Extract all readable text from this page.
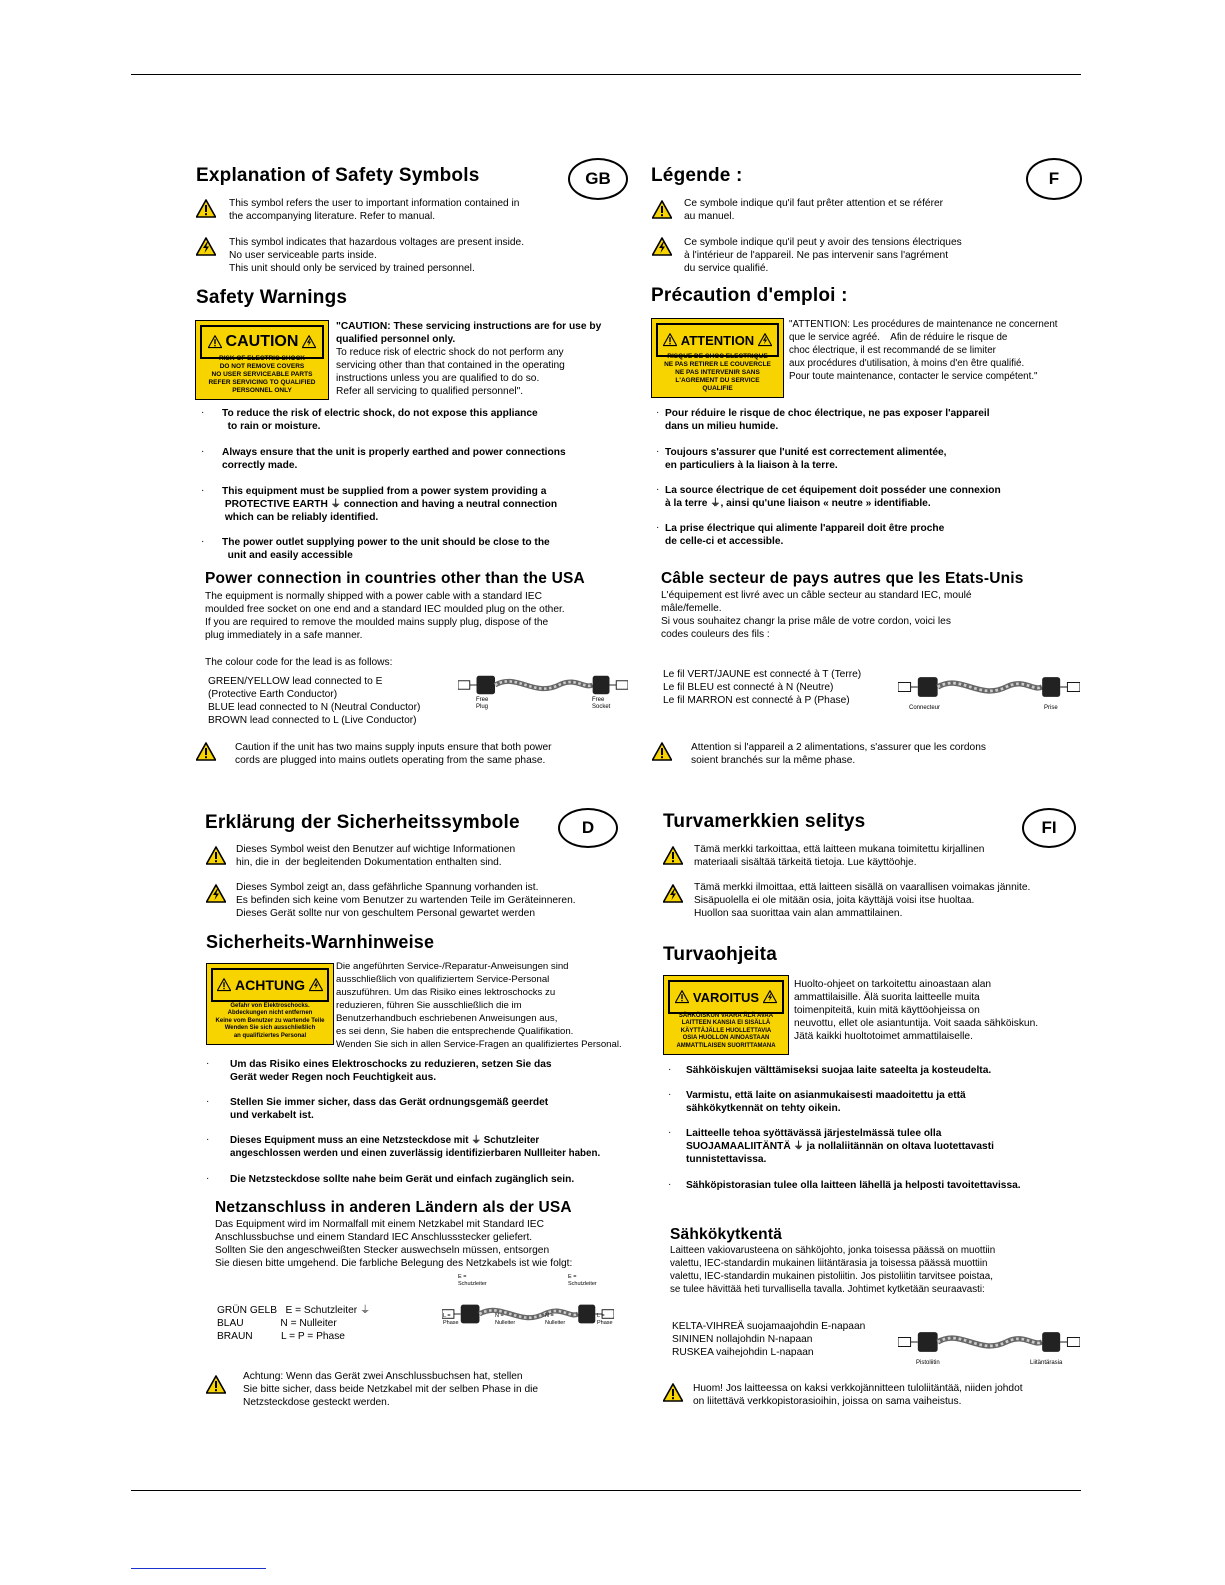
Explanation of Safety Symbols	GB
This symbol refers the user to important information contained in
the accompanying literature. Refer to manual.
This symbol indicates that hazardous voltages are present inside.
No user serviceable parts inside.
This unit should only be serviced by trained personnel.
Safety Warnings
CAUTION
RISK OF ELECTRIC SHOCK
DO NOT REMOVE COVERS
NO USER SERVICEABLE PARTS
REFER SERVICING TO QUALIFIED
PERSONNEL ONLY
"CAUTION: These servicing instructions are for use by
qualified personnel only.
To reduce risk of electric shock do not perform any
servicing other than that contained in the operating
instructions unless you are qualified to do so.
Refer all servicing to qualified personnel".
· To reduce the risk of electric shock, do not expose this appliance
to rain or moisture.
· Always ensure that the unit is properly earthed and power connections
correctly made.
· This equipment must be supplied from a power system providing a
PROTECTIVE EARTH ⏚ connection and having a neutral connection
which can be reliably identified.
· The power outlet supplying power to the unit should be close to the
unit and easily accessible
Power connection in countries other than the USA
The equipment is normally shipped with a power cable with a standard IEC
moulded free socket on one end and a standard IEC moulded plug on the other.
If you are required to remove the moulded mains supply plug, dispose of the
plug immediately in a safe manner.
The colour code for the lead is as follows:
GREEN/YELLOW lead connected to E
(Protective Earth Conductor)
BLUE lead connected to N (Neutral Conductor)
BROWN lead connected to L (Live Conductor)
Free
Plug
Free
Socket
Caution if the unit has two mains supply inputs ensure that both power
cords are plugged into mains outlets operating from the same phase.
Légende :	F
Ce symbole indique qu'il faut prêter attention et se référer
au manuel.
Ce symbole indique qu'il peut y avoir des tensions électriques
à l'intérieur de l'appareil. Ne pas intervenir sans l'agrément
du service qualifié.
Précaution d'emploi :
ATTENTION
RISQUE DE CHOC ELECTRIQUE
NE PAS RETIRER LE COUVERCLE
NE PAS INTERVENIR SANS
L'AGREMENT DU SERVICE
QUALIFIE
"ATTENTION: Les procédures de maintenance ne concernent
que le service agréé.    Afin de réduire le risque de
choc électrique, il est recommandé de se limiter
aux procédures d'utilisation, à moins d'en être qualifié.
Pour toute maintenance, contacter le service compétent."
· Pour réduire le risque de choc électrique, ne pas exposer l'appareil
dans un milieu humide.
· Toujours s'assurer que l'unité est correctement alimentée,
en particuliers à la liaison à la terre.
· La source électrique de cet équipement doit posséder une connexion
à la terre ⏚, ainsi qu'une liaison « neutre » identifiable.
· La prise électrique qui alimente l'appareil doit être proche
de celle-ci et accessible.
Câble secteur de pays autres que les Etats-Unis
L'équipement est livré avec un câble secteur au standard IEC, moulé
mâle/femelle.
Si vous souhaitez changr la prise mâle de votre cordon, voici les
codes couleurs des fils :
Le fil VERT/JAUNE est connecté à T (Terre)
Le fil BLEU est connecté à N (Neutre)
Le fil MARRON est connecté à P (Phase)
Connecteur	Prise
Attention si l'appareil a 2 alimentations, s'assurer que les cordons
soient branchés sur la même phase.
Erklärung der Sicherheitssymbole	D
Dieses Symbol weist den Benutzer auf wichtige Informationen
hin, die in  der begleitenden Dokumentation enthalten sind.
Dieses Symbol zeigt an, dass gefährliche Spannung vorhanden ist.
Es befinden sich keine vom Benutzer zu wartenden Teile im Geräteinneren.
Dieses Gerät sollte nur von geschultem Personal gewartet werden
Sicherheits-Warnhinweise
ACHTUNG
Gefahr von Elektroschocks.
Abdeckungen nicht entfernen
Keine vom Benutzer zu wartende Teile
Wenden Sie sich ausschließlich
an qualifiziertes Personal
Die angeführten Service-/Reparatur-Anweisungen sind
ausschließlich von qualifiziertem Service-Personal
auszuführen. Um das Risiko eines lektroschocks zu
reduzieren, führen Sie ausschließlich die im
Benutzerhandbuch eschriebenen Anweisungen aus,
es sei denn, Sie haben die entsprechende Qualifikation.
Wenden Sie sich in allen Service-Fragen an qualifiziertes Personal.
· Um das Risiko eines Elektroschocks zu reduzieren, setzen Sie das
Gerät weder Regen noch Feuchtigkeit aus.
· Stellen Sie immer sicher, dass das Gerät ordnungsgemäß geerdet
und verkabelt ist.
· Dieses Equipment muss an eine Netzsteckdose mit ⏚ Schutzleiter
angeschlossen werden und einen zuverlässig identifizierbaren Nullleiter haben.
· Die Netzsteckdose sollte nahe beim Gerät und einfach zugänglich sein.
Netzanschluss in anderen Ländern als der USA
Das Equipment wird im Normalfall mit einem Netzkabel mit Standard IEC
Anschlussbuchse und einem Standard IEC Anschlussstecker geliefert.
Sollten Sie den angeschweißten Stecker auswechseln müssen, entsorgen
Sie diesen bitte umgehend. Die farbliche Belegung des Netzkabels ist wie folgt:
GRÜN GELB   E = Schutzleiter ⏚
BLAU             N = Nulleiter
BRAUN          L = P = Phase
E =
Schutzleiter
E =
Schutzleiter
L =
Phase
N =
Nulleiter
N =
Nulleiter
L =
Phase
Achtung: Wenn das Gerät zwei Anschlussbuchsen hat, stellen
Sie bitte sicher, dass beide Netzkabel mit der selben Phase in die
Netzsteckdose gesteckt werden.
Turvamerkkien selitys	FI
Tämä merkki tarkoittaa, että laitteen mukana toimitettu kirjallinen
materiaali sisältää tärkeitä tietoja. Lue käyttöohje.
Tämä merkki ilmoittaa, että laitteen sisällä on vaarallisen voimakas jännite.
Sisäpuolella ei ole mitään osia, joita käyttäjä voisi itse huoltaa.
Huollon saa suorittaa vain alan ammattilainen.
Turvaohjeita
VAROITUS
SÄHKÖISKUN VAARA ÄLÄ AVAA
LAITTEEN KANSIA EI SISÄLLÄ
KÄYTTÄJÄLLE HUOLLETTAVIA
OSIA HUOLLON AINOASTAAN
AMMATTILAISEN SUORITTAMANA
Huolto-ohjeet on tarkoitettu ainoastaan alan
ammattilaisille. Älä suorita laitteelle muita
toimenpiteitä, kuin mitä käyttöohjeissa on
neuvottu, ellet ole asiantuntija. Voit saada sähköiskun.
Jätä kaikki huoltotoimet ammattilaiselle.
· Sähköiskujen välttämiseksi suojaa laite sateelta ja kosteudelta.
· Varmistu, että laite on asianmukaisesti maadoitettu ja että
sähkökytkennät on tehty oikein.
· Laitteelle tehoa syöttävässä järjestelmässä tulee olla
SUOJAMAALIITÄNTÄ ⏚ ja nollaliitännän on oltava luotettavasti
tunnistettavissa.
· Sähköpistorasian tulee olla laitteen lähellä ja helposti tavoitettavissa.
Sähkökytkentä
Laitteen vakiovarusteena on sähköjohto, jonka toisessa päässä on muottiin
valettu, IEC-standardin mukainen liitäntärasia ja toisessa päässä muottiin
valettu, IEC-standardin mukainen pistoliitin. Jos pistoliitin tarvitsee poistaa,
se tulee hävittää heti turvallisella tavalla. Johtimet kytketään seuraavasti:
KELTA-VIHREÄ suojamaajohdin E-napaan
SININEN nollajohdin N-napaan
RUSKEA vaihejohdin L-napaan
Pistoliitin	Liitäntärasia
Huom! Jos laitteessa on kaksi verkkojännitteen tuloliitäntää, niiden johdot
on liitettävä verkkopistorasioihin, joissa on sama vaiheistus.
